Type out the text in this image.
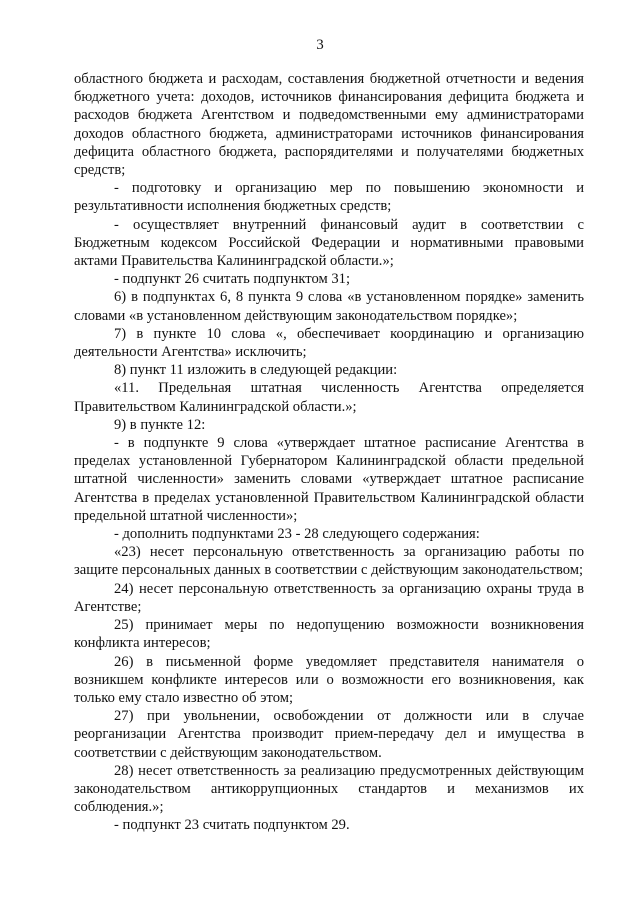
3

областного бюджета и расходам, составления бюджетной отчетности и ведения бюджетного учета: доходов, источников финансирования дефицита бюджета и расходов бюджета Агентством и подведомственными ему администраторами доходов областного бюджета, администраторами источников финансирования дефицита областного бюджета, распорядителями и получателями бюджетных средств;

- подготовку и организацию мер по повышению экономности и результативности исполнения бюджетных средств;

- осуществляет внутренний финансовый аудит в соответствии с Бюджетным кодексом Российской Федерации и нормативными правовыми актами Правительства Калининградской области.»;

- подпункт 26 считать подпунктом 31;

6) в подпунктах 6, 8 пункта 9 слова «в установленном порядке» заменить словами «в установленном действующим законодательством порядке»;

7) в пункте 10 слова «, обеспечивает координацию и организацию деятельности Агентства» исключить;

8) пункт 11 изложить в следующей редакции:

«11. Предельная штатная численность Агентства определяется Правительством Калининградской области.»;

9) в пункте 12:

- в подпункте 9 слова «утверждает штатное расписание Агентства в пределах установленной Губернатором Калининградской области предельной штатной численности» заменить словами «утверждает штатное расписание Агентства в пределах установленной Правительством Калининградской области предельной штатной численности»;

- дополнить подпунктами 23 - 28 следующего содержания:

«23) несет персональную ответственность за организацию работы по защите персональных данных в соответствии с действующим законодательством;

24) несет персональную ответственность за организацию охраны труда в Агентстве;

25) принимает меры по недопущению возможности возникновения конфликта интересов;

26) в письменной форме уведомляет представителя нанимателя о возникшем конфликте интересов или о возможности его возникновения, как только ему стало известно об этом;

27) при увольнении, освобождении от должности или в случае реорганизации Агентства производит прием-передачу дел и имущества в соответствии с действующим законодательством.

28) несет ответственность за реализацию предусмотренных действующим законодательством антикоррупционных стандартов и механизмов их соблюдения.»;

- подпункт 23 считать подпунктом 29.
